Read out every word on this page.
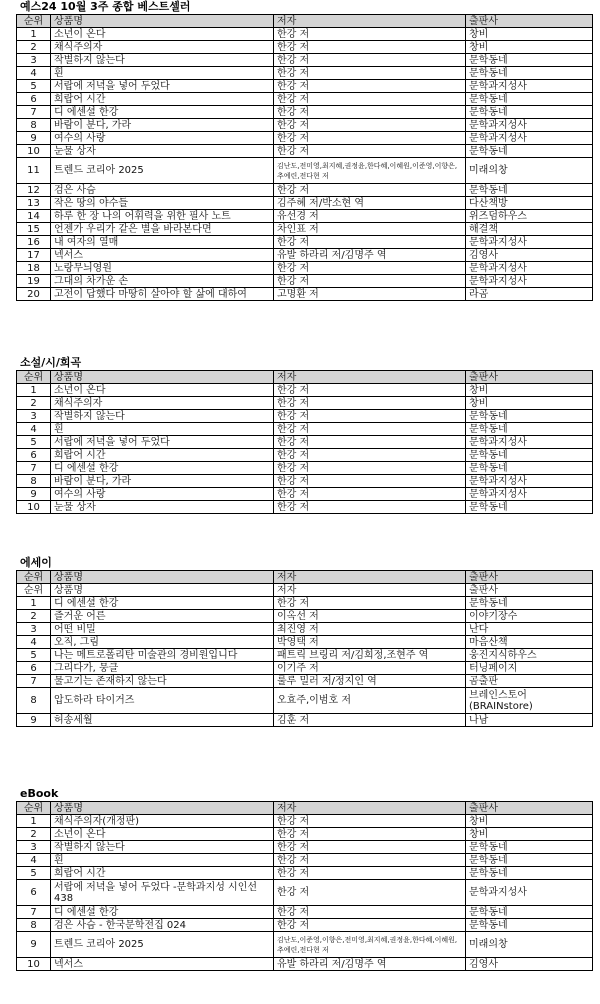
예스24 10월 3주 종합 베스트셀러
순위	상품명	저자	출판사
1	소년이 온다	한강 저	창비
2	채식주의자	한강 저	창비
3	작별하지 않는다	한강 저	문학동네
4	흰	한강 저	문학동네
5	서랍에 저녁을 넣어 두었다	한강 저	문학과지성사
6	희랍어 시간	한강 저	문학동네
7	디 에센셜 한강	한강 저	문학동네
8	바람이 분다, 가라	한강 저	문학과지성사
9	여수의 사랑	한강 저	문학과지성사
10	눈물 상자	한강 저	문학동네
11	트렌드 코리아 2025	김난도,전미영,최지혜,권정윤,한다혜,이혜원,이준영,이향은,추예린,전다현 저	미래의창
12	검은 사슴	한강 저	문학동네
13	작은 땅의 야수들	김주혜 저/박소현 역	다산책방
14	하루 한 장 나의 어휘력을 위한 필사 노트	유선경 저	위즈덤하우스
15	언젠가 우리가 같은 별을 바라본다면	차인표 저	해결책
16	내 여자의 열매	한강 저	문학과지성사
17	넥서스	유발 하라리 저/김명주 역	김영사
18	노랑무늬영원	한강 저	문학과지성사
19	그대의 차가운 손	한강 저	문학과지성사
20	고전이 답했다 마땅히 살아야 할 삶에 대하여	고명환 저	라곰
소설/시/희곡
순위	상품명	저자	출판사
1	소년이 온다	한강 저	창비
2	채식주의자	한강 저	창비
3	작별하지 않는다	한강 저	문학동네
4	흰	한강 저	문학동네
5	서랍에 저녁을 넣어 두었다	한강 저	문학과지성사
6	희랍어 시간	한강 저	문학동네
7	디 에센셜 한강	한강 저	문학동네
8	바람이 분다, 가라	한강 저	문학과지성사
9	여수의 사랑	한강 저	문학과지성사
10	눈물 상자	한강 저	문학동네
에세이
순위	상품명	저자	출판사
순위	상품명	저자	출판사
1	디 에센셜 한강	한강 저	문학동네
2	즐거운 어른	이옥선 저	이야기장수
3	어떤 비밀	최진영 저	난다
4	오직, 그림	박영택 저	마음산책
5	나는 메트로폴리탄 미술관의 경비원입니다	패트릭 브링리 저/김희정,조현주 역	웅진지식하우스
6	그리다가, 뭉클	이기주 저	터닝페이지
7	물고기는 존재하지 않는다	룰루 밀러 저/정지인 역	곰출판
8	압도하라 타이거즈	오효주,이범호 저	브레인스토어(BRAINstore)
9	허송세월	김훈 저	나남
eBook
순위	상품명	저자	출판사
1	채식주의자(개정판)	한강 저	창비
2	소년이 온다	한강 저	창비
3	작별하지 않는다	한강 저	문학동네
4	흰	한강 저	문학동네
5	희랍어 시간	한강 저	문학동네
6	서랍에 저녁을 넣어 두었다 -문학과지성 시인선438	한강 저	문학과지성사
7	디 에센셜 한강	한강 저	문학동네
8	검은 사슴 - 한국문학전집 024	한강 저	문학동네
9	트렌드 코리아 2025	김난도,이준영,이향은,전미영,최지혜,권정윤,한다혜,이혜원,추예린,전다현 저	미래의창
10	넥서스	유발 하라리 저/김명주 역	김영사
